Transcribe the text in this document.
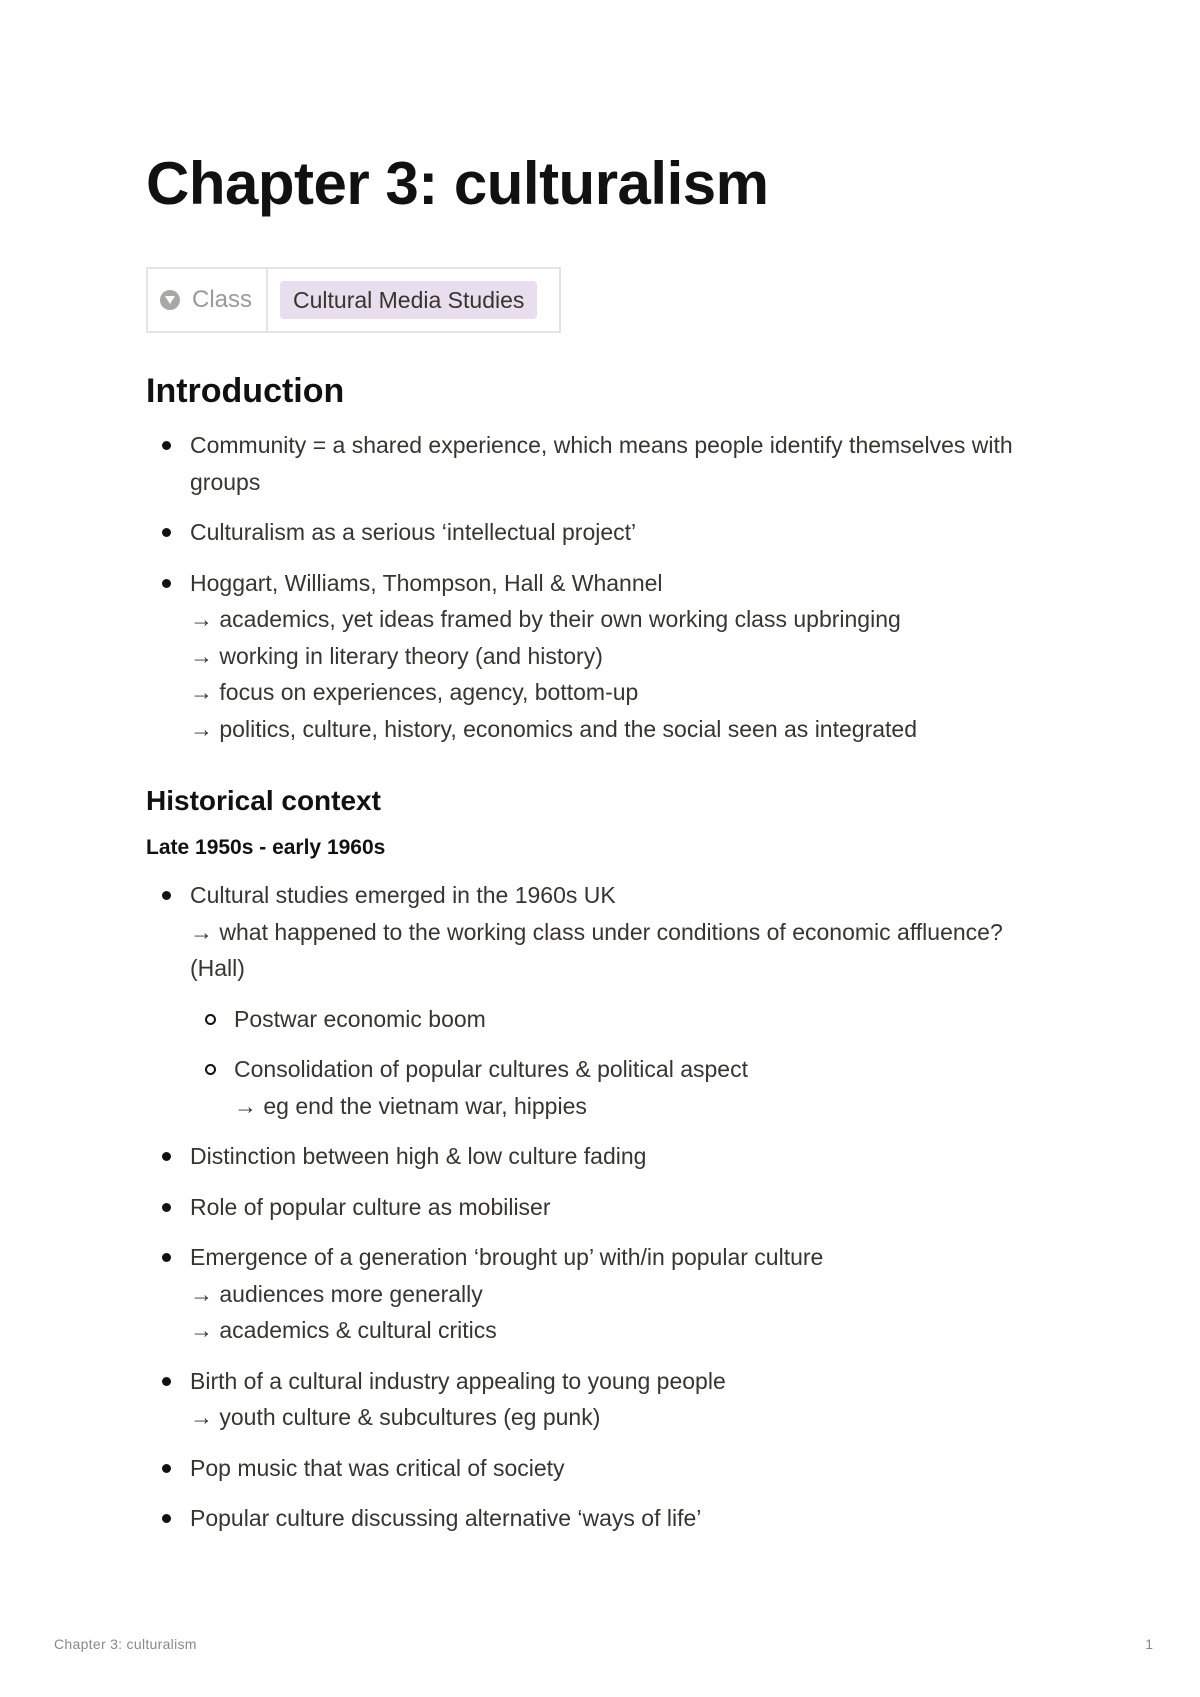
Chapter 3: culturalism
Class	Cultural Media Studies
Introduction
Community = a shared experience, which means people identify themselves with
groups
Culturalism as a serious ‘intellectual project’
Hoggart, Williams, Thompson, Hall & Whannel
→ academics, yet ideas framed by their own working class upbringing
→ working in literary theory (and history)
→ focus on experiences, agency, bottom-up
→ politics, culture, history, economics and the social seen as integrated
Historical context
Late 1950s - early 1960s
Cultural studies emerged in the 1960s UK
→ what happened to the working class under conditions of economic affluence?
(Hall)
Postwar economic boom
Consolidation of popular cultures & political aspect
→ eg end the vietnam war, hippies
Distinction between high & low culture fading
Role of popular culture as mobiliser
Emergence of a generation ‘brought up’ with/in popular culture
→ audiences more generally
→ academics & cultural critics
Birth of a cultural industry appealing to young people
→ youth culture & subcultures (eg punk)
Pop music that was critical of society
Popular culture discussing alternative ‘ways of life’
Chapter 3: culturalism	1
